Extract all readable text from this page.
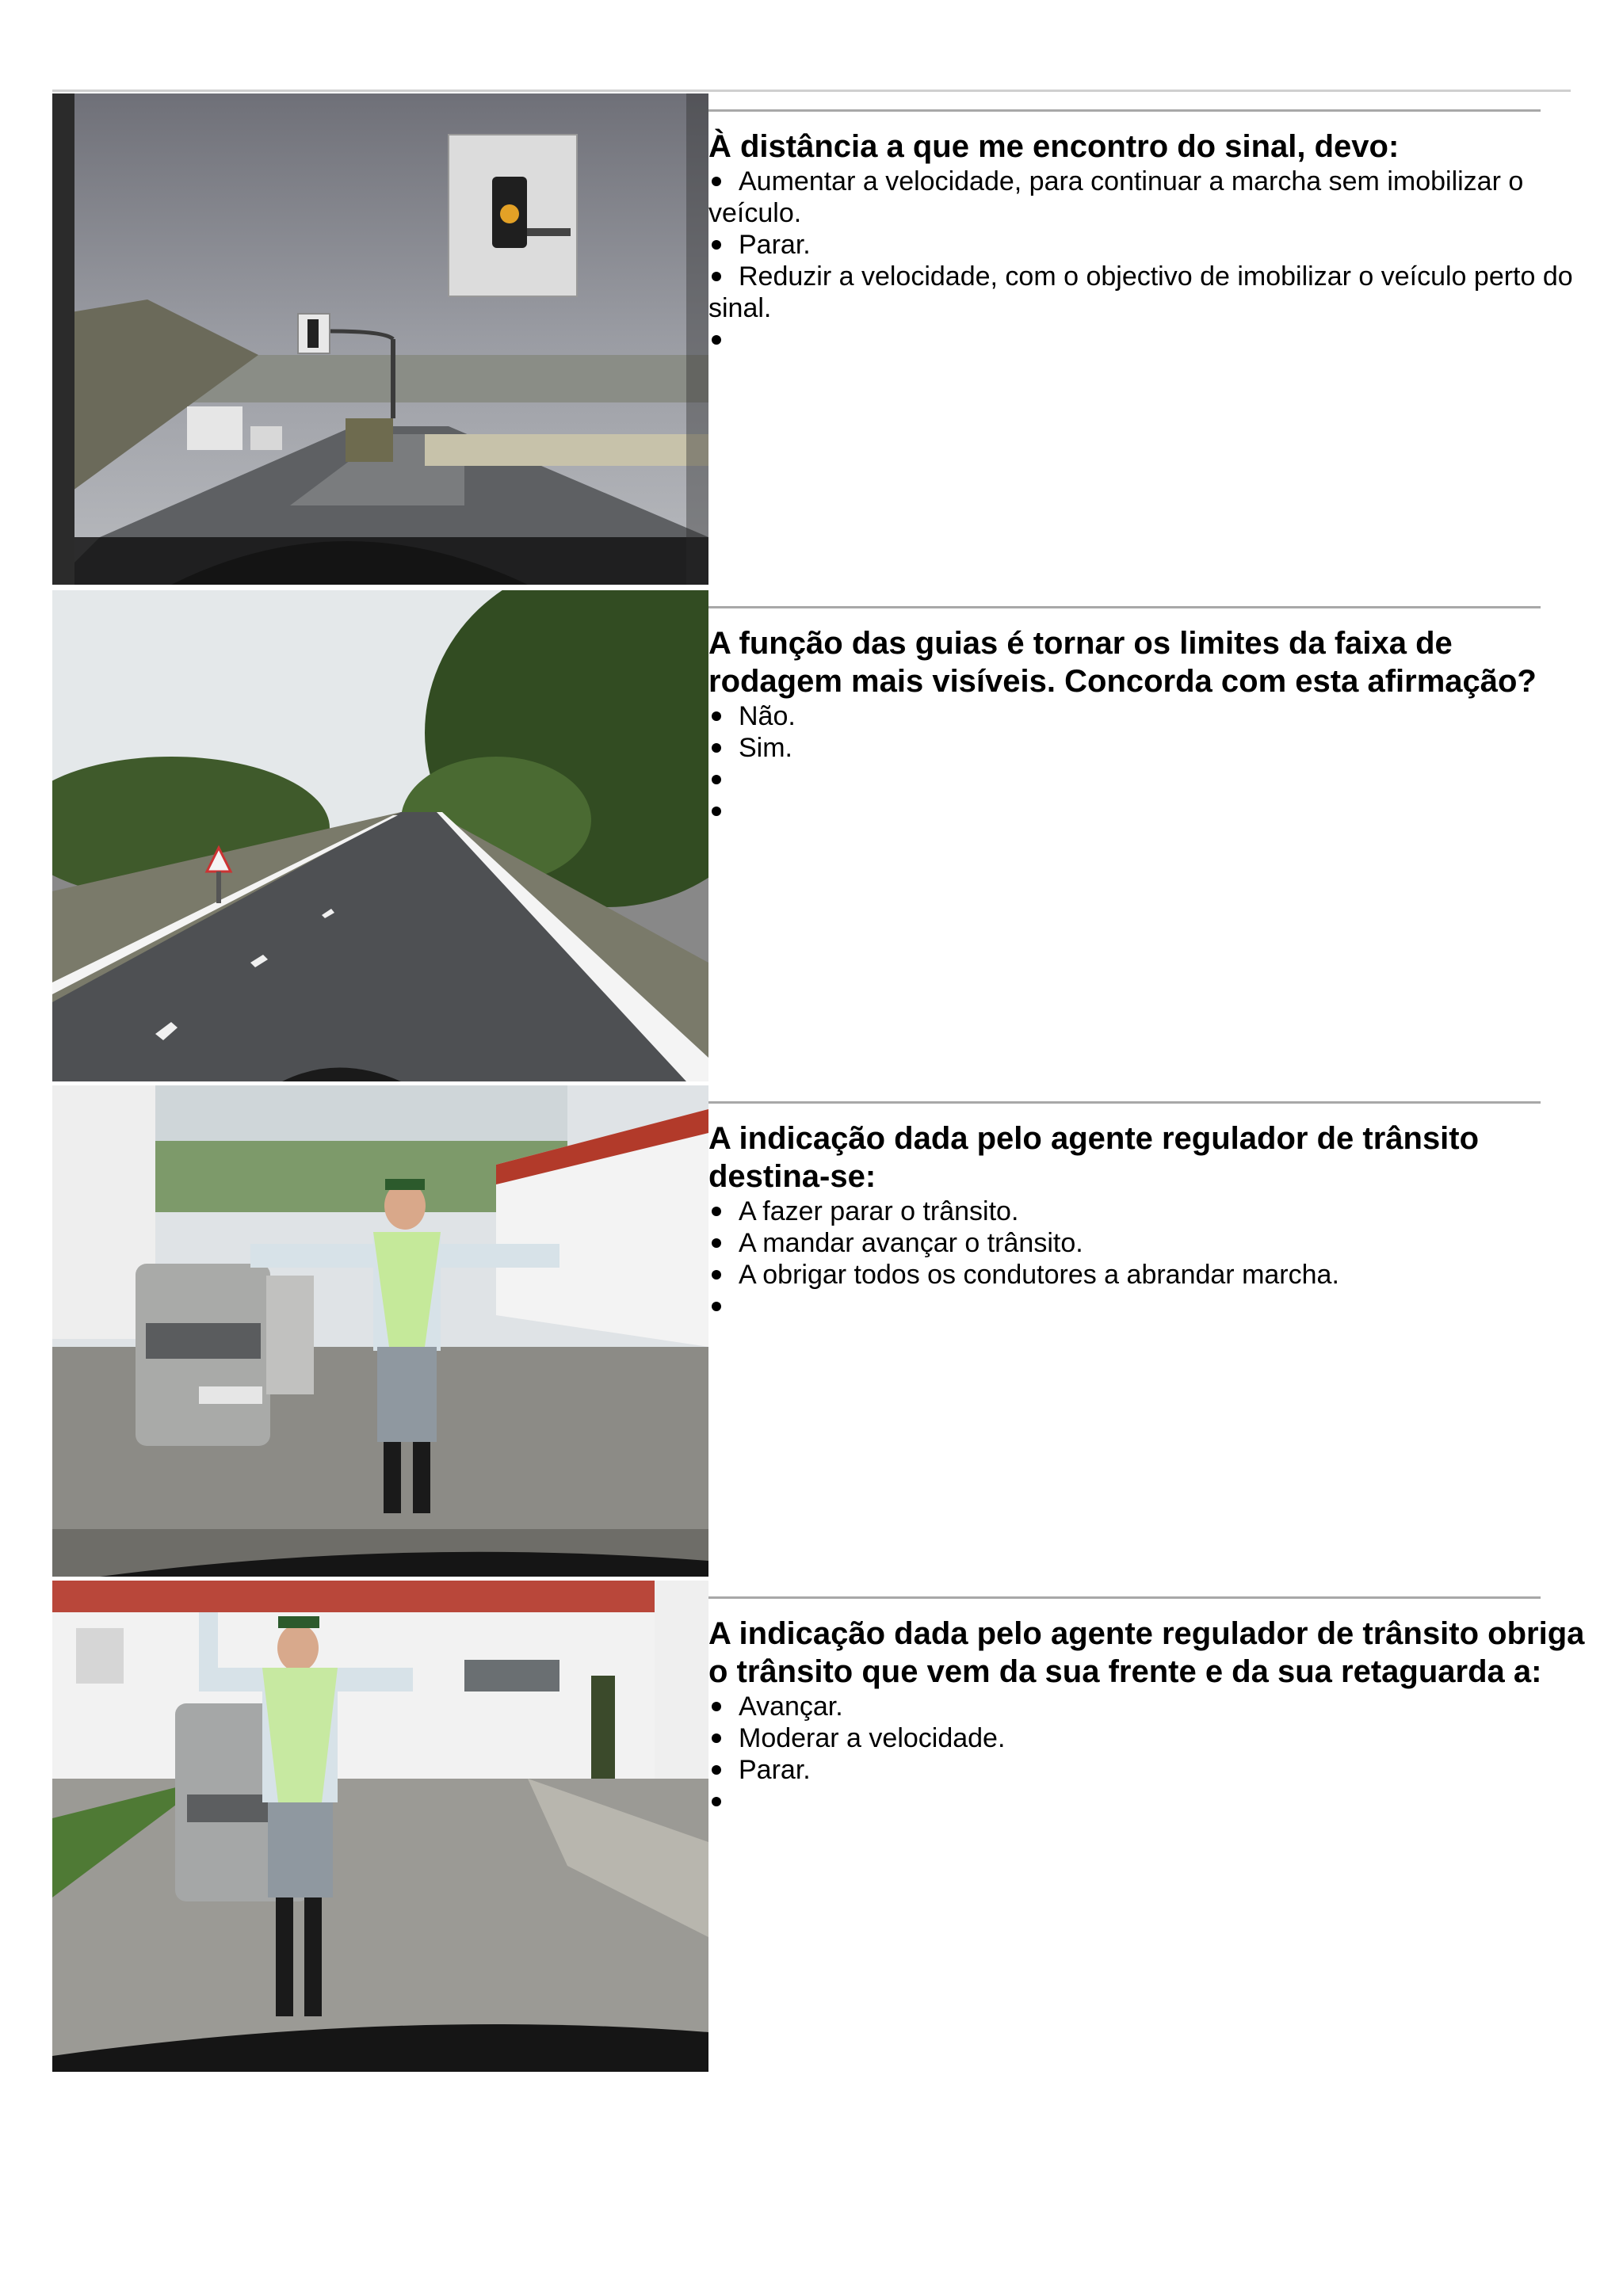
À distância a que me encontro do sinal, devo:
Aumentar a velocidade, para continuar a marcha sem imobilizar o veículo.
Parar.
Reduzir a velocidade, com o objectivo de imobilizar o veículo perto do sinal.
A função das guias é tornar os limites da faixa de rodagem mais visíveis. Concorda com esta afirmação?
Não.
Sim.
A indicação dada pelo agente regulador de trânsito destina-se:
A fazer parar o trânsito.
A mandar avançar o trânsito.
A obrigar todos os condutores a abrandar marcha.
A indicação dada pelo agente regulador de trânsito obriga o trânsito que vem da sua frente e da sua retaguarda a:
Avançar.
Moderar a velocidade.
Parar.
